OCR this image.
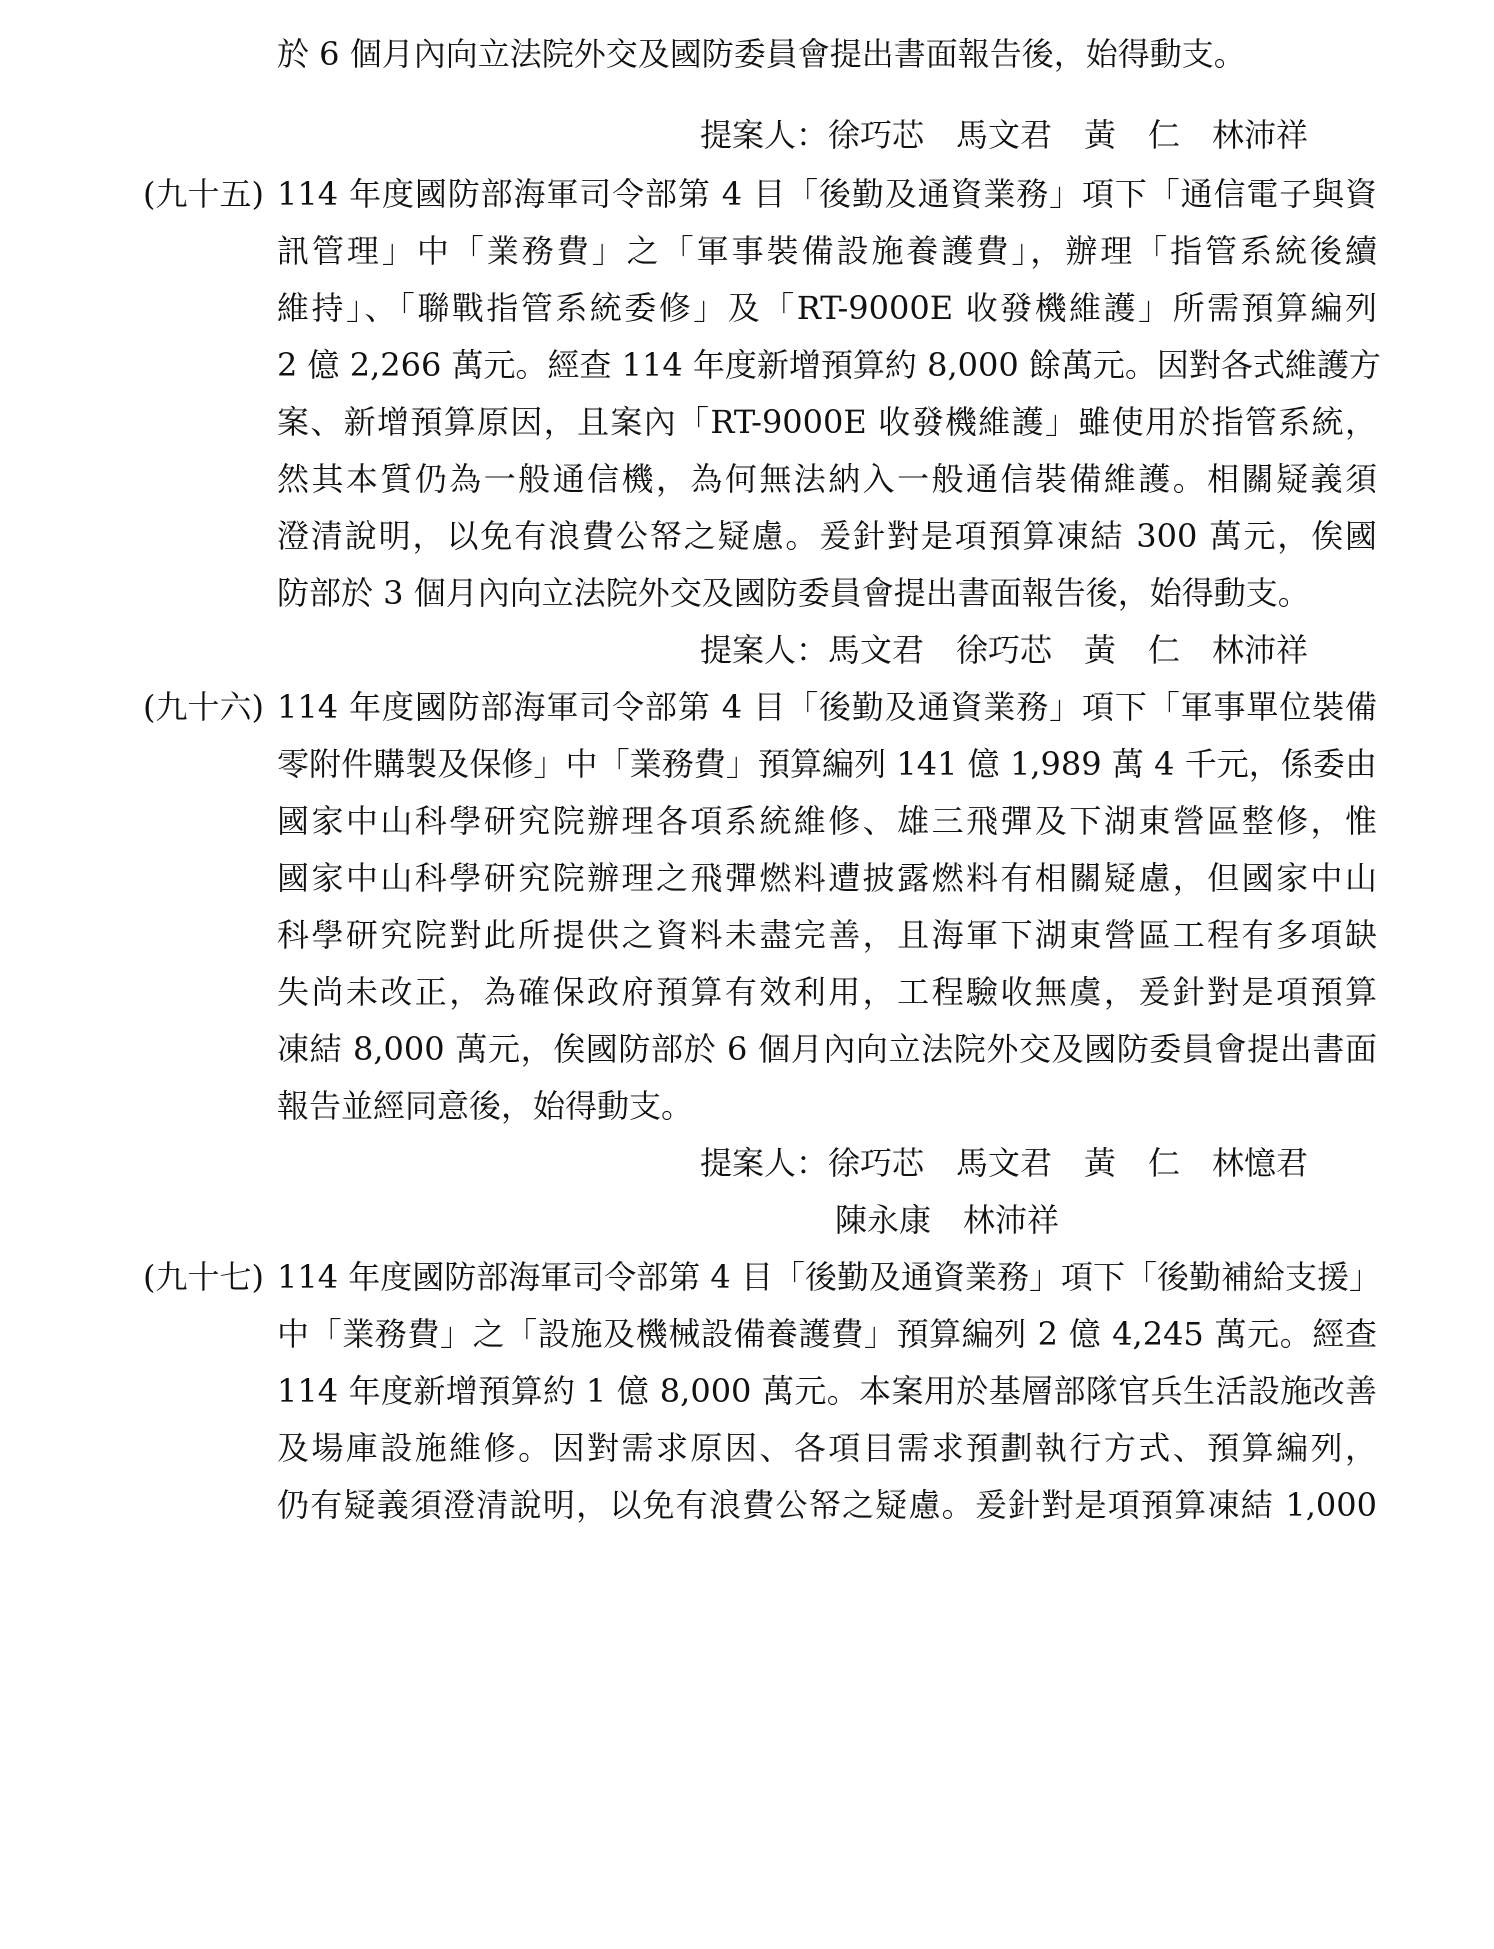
於 6 個月內向立法院外交及國防委員會提出書面報告後，始得動支。
提案人：徐巧芯　馬文君　黃　仁　林沛祥
(九十五) 114 年度國防部海軍司令部第 4 目「後勤及通資業務」項下「通信電子與資
訊管理」中「業務費」之「軍事裝備設施養護費」，辦理「指管系統後續
維持」、「聯戰指管系統委修」及「RT-9000E 收發機維護」所需預算編列
2 億 2,266 萬元。經查 114 年度新增預算約 8,000 餘萬元。因對各式維護方
案、新增預算原因，且案內「RT-9000E 收發機維護」雖使用於指管系統，
然其本質仍為一般通信機，為何無法納入一般通信裝備維護。相關疑義須
澄清說明，以免有浪費公帑之疑慮。爰針對是項預算凍結 300 萬元，俟國
防部於 3 個月內向立法院外交及國防委員會提出書面報告後，始得動支。
提案人：馬文君　徐巧芯　黃　仁　林沛祥
(九十六) 114 年度國防部海軍司令部第 4 目「後勤及通資業務」項下「軍事單位裝備
零附件購製及保修」中「業務費」預算編列 141 億 1,989 萬 4 千元，係委由
國家中山科學研究院辦理各項系統維修、雄三飛彈及下湖東營區整修，惟
國家中山科學研究院辦理之飛彈燃料遭披露燃料有相關疑慮，但國家中山
科學研究院對此所提供之資料未盡完善，且海軍下湖東營區工程有多項缺
失尚未改正，為確保政府預算有效利用，工程驗收無虞，爰針對是項預算
凍結 8,000 萬元，俟國防部於 6 個月內向立法院外交及國防委員會提出書面
報告並經同意後，始得動支。
提案人：徐巧芯　馬文君　黃　仁　林憶君
陳永康　林沛祥
(九十七) 114 年度國防部海軍司令部第 4 目「後勤及通資業務」項下「後勤補給支援」
中「業務費」之「設施及機械設備養護費」預算編列 2 億 4,245 萬元。經查
114 年度新增預算約 1 億 8,000 萬元。本案用於基層部隊官兵生活設施改善
及場庫設施維修。因對需求原因、各項目需求預劃執行方式、預算編列，
仍有疑義須澄清說明，以免有浪費公帑之疑慮。爰針對是項預算凍結 1,000
